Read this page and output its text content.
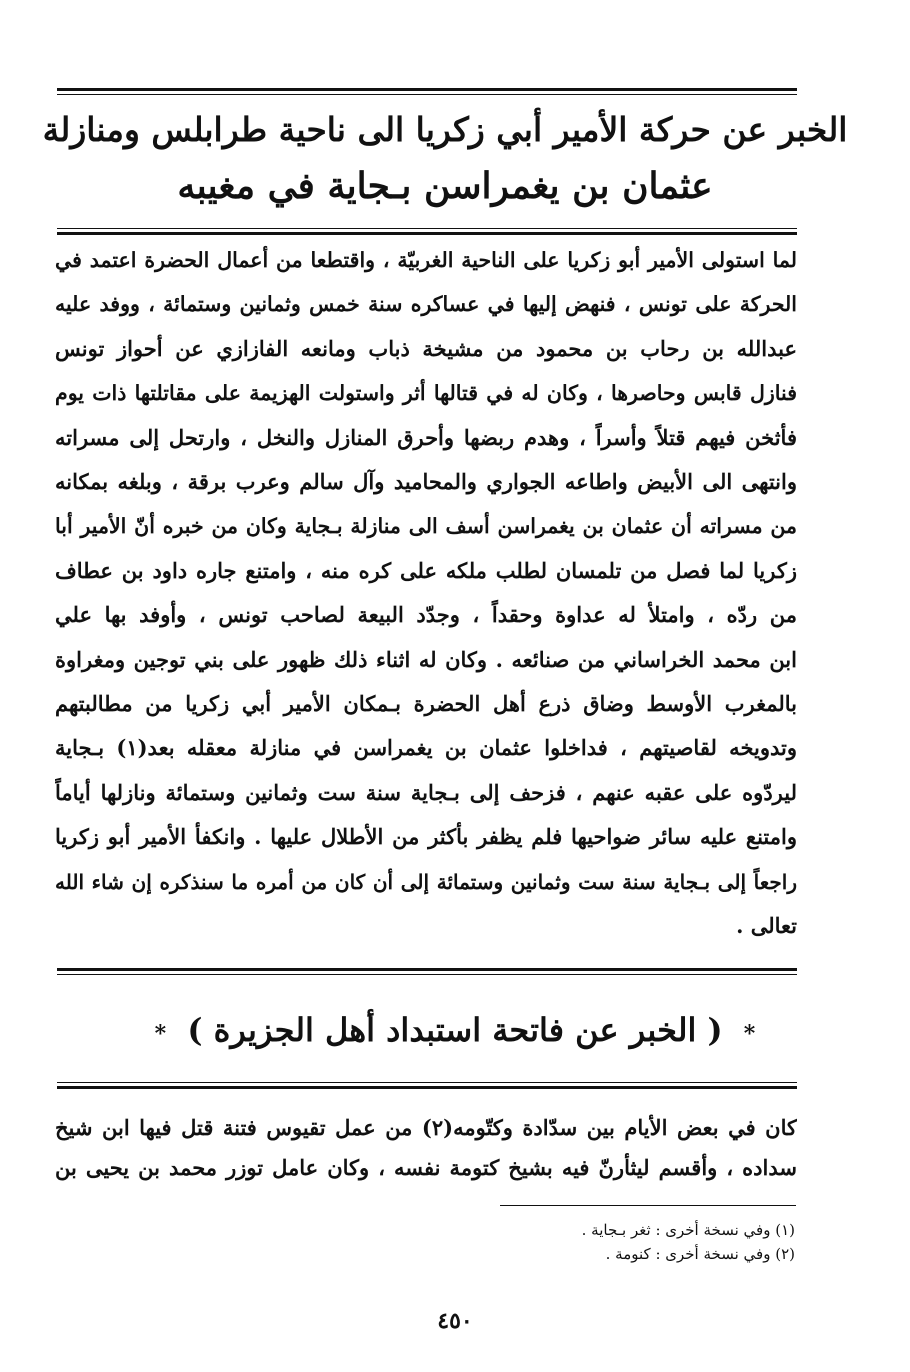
الخبر عن حركة الأمير أبي زكريا الى ناحية طرابلس ومنازلة
عثمان بن يغمراسن بـجاية في مغيبه
لما استولى الأمير أبو زكريا على الناحية الغربيّة ، واقتطعا من أعمال الحضرة اعتمد في
الحركة على تونس ، فنهض إليها في عساكره سنة خمس وثمانين وستمائة ، ووفد عليه
عبدالله بن رحاب بن محمود من مشيخة ذباب ومانعه الفازازي عن أحواز تونس
فنازل قابس وحاصرها ، وكان له في قتالها أثر واستولت الهزيمة على مقاتلتها ذات يوم
فأثخن فيهم قتلاً وأسراً ، وهدم ربضها وأحرق المنازل والنخل ، وارتحل إلى مسراته
وانتهى الى الأبيض واطاعه الجواري والمحاميد وآل سالم وعرب برقة ، وبلغه بمكانه
من مسراته أن عثمان بن يغمراسن أسف الى منازلة بـجاية وكان من خبره أنّ الأمير أبا
زكريا لما فصل من تلمسان لطلب ملكه على كره منه ، وامتنع جاره داود بن عطاف
من ردّه ، وامتلأ له عداوة وحقداً ، وجدّد البيعة لصاحب تونس ، وأوفد بها علي
ابن محمد الخراساني من صنائعه . وكان له اثناء ذلك ظهور على بني توجين ومغراوة
بالمغرب الأوسط وضاق ذرع أهل الحضرة بـمكان الأمير أبي زكريا من مطالبتهم
وتدويخه لقاصيتهم ، فداخلوا عثمان بن يغمراسن في منازلة معقله بعد(١) بـجاية
ليردّوه على عقبه عنهم ، فزحف إلى بـجاية سنة ست وثمانين وستمائة ونازلها أياماً
وامتنع عليه سائر ضواحيها فلم يظفر بأكثر من الأطلال عليها . وانكفأ الأمير أبو زكريا
راجعاً إلى بـجاية سنة ست وثمانين وستمائة إلى أن كان من أمره ما سنذكره إن شاء الله
تعالى .
* ( الخبر عن فاتحة استبداد أهل الجزيرة ) *
كان في بعض الأيام بين سدّادة وكتّومه(٢) من عمل تقيوس فتنة قتل فيها ابن شيخ
سداده ، وأقسم ليثأرنّ فيه بشيخ كتومة نفسه ، وكان عامل توزر محمد بن يحيى بن
(١) وفي نسخة أخرى : ثغر بـجاية .
(٢) وفي نسخة أخرى : كنومة .
٤٥٠
